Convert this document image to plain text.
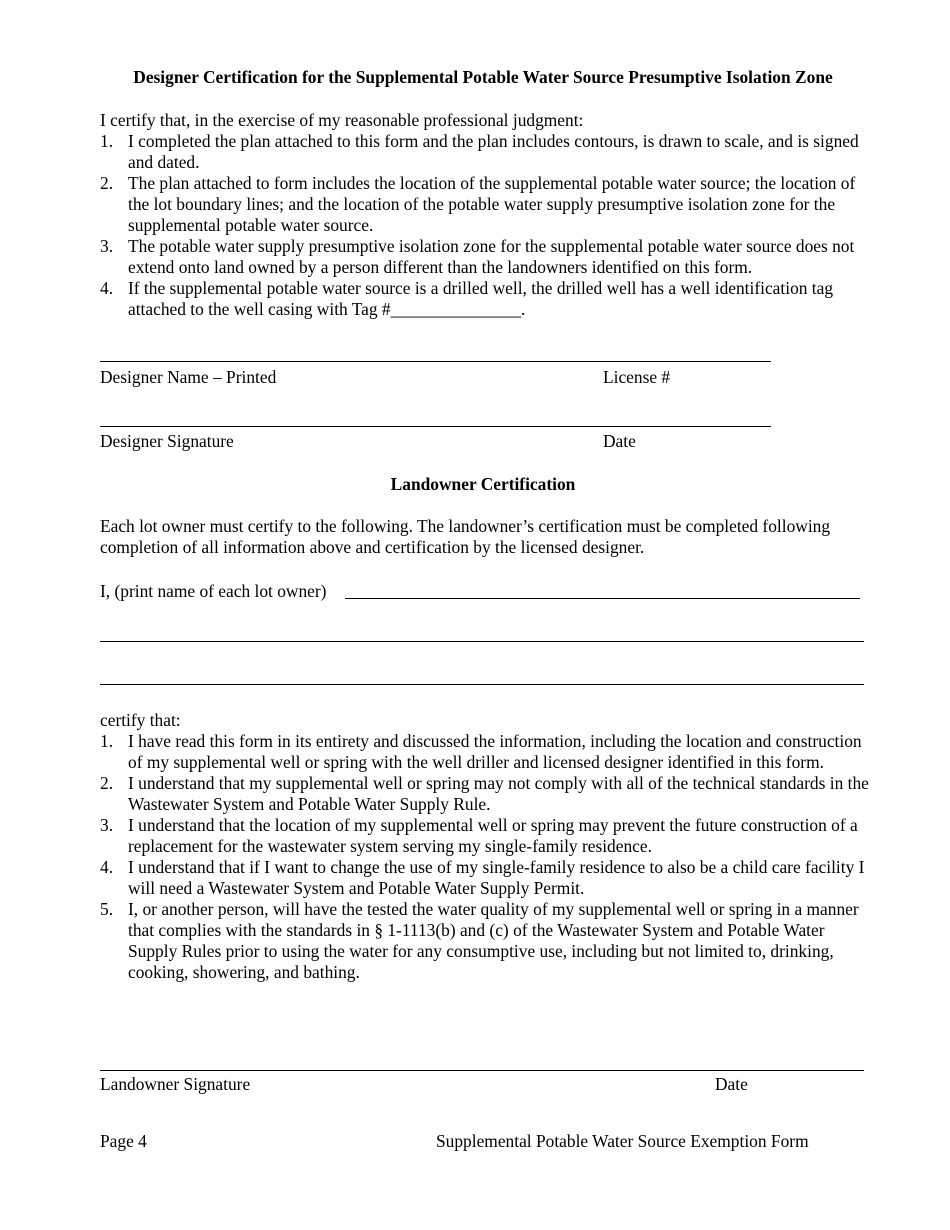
Designer Certification for the Supplemental Potable Water Source Presumptive Isolation Zone
I certify that, in the exercise of my reasonable professional judgment:
1. I completed the plan attached to this form and the plan includes contours, is drawn to scale, and is signed and dated.
2. The plan attached to form includes the location of the supplemental potable water source; the location of the lot boundary lines; and the location of the potable water supply presumptive isolation zone for the supplemental potable water source.
3. The potable water supply presumptive isolation zone for the supplemental potable water source does not extend onto land owned by a person different than the landowners identified on this form.
4. If the supplemental potable water source is a drilled well, the drilled well has a well identification tag attached to the well casing with Tag #_______________.
Designer Name – Printed	License #
Designer Signature	Date
Landowner Certification
Each lot owner must certify to the following. The landowner’s certification must be completed following completion of all information above and certification by the licensed designer.
I, (print name of each lot owner)
certify that:
1. I have read this form in its entirety and discussed the information, including the location and construction of my supplemental well or spring with the well driller and licensed designer identified in this form.
2. I understand that my supplemental well or spring may not comply with all of the technical standards in the Wastewater System and Potable Water Supply Rule.
3. I understand that the location of my supplemental well or spring may prevent the future construction of a replacement for the wastewater system serving my single-family residence.
4. I understand that if I want to change the use of my single-family residence to also be a child care facility I will need a Wastewater System and Potable Water Supply Permit.
5. I, or another person, will have the tested the water quality of my supplemental well or spring in a manner that complies with the standards in § 1-1113(b) and (c) of the Wastewater System and Potable Water Supply Rules prior to using the water for any consumptive use, including but not limited to, drinking, cooking, showering, and bathing.
Landowner Signature	Date
Page 4	Supplemental Potable Water Source Exemption Form
